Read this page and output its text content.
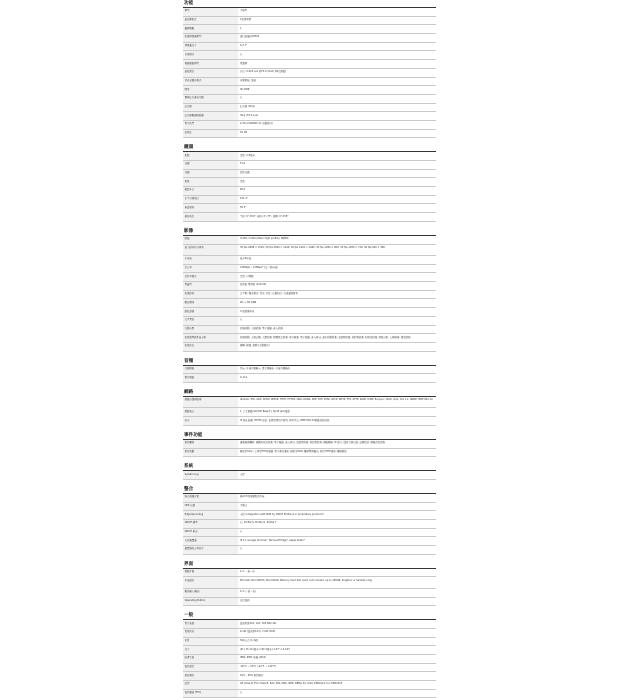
功能
類型	半球型
最高解析度	4百萬畫素
攝像機數	1
影像傳感器類型	逐行掃描的CMOS
傳感器尺寸	1/2.7"
日夜模式	有
視頻壓縮類型	電腦類
最低照度	彩色: 0.018 Lux @F2.0 (ICut) (IR已開啟)
背光光圈自模式	自動增益, 低雜
降噪	3D DNR
機械紅外濾光切換	有
紅外線	紅外線 (30米)
紅外線範圍與距離	30米 (F2.0 Lux)
電子快門	1/30-1/100000 秒 (自動模式)
信噪比	52 dB
鏡頭
焦距	定焦, 2.8毫米
光圈	F1.6
光圈	固定光圈
焦點	定焦
鏡頭卡口	M12
水平可視角度	101.2°
垂直視角	55.3°
傾斜角度	平移: 0°-350°, 傾斜: 0°-75°, 旋轉: 0°-355°
影像
壓縮	H.265, H.264 (Main/ High profile), MJPEG
最大幀率和分辨率	30 fps 2688 × 1520; 30 fps 2560 × 1440; 30 fps 1920 × 1080; 30 fps 1280 × 960; 30 fps 1280 × 720; 30 fps 640 × 480
多串流	最多6串流
位元率	128Kbps - 12Mbps* (每一個串流)
比特率模式	常量, 可變動
電磁型	低質格 電傳格 (100-50)
影像控制	白平衡, 曝光模式, 亮度, 對比, 色飽和度, 去霧邊緣銳利
數位降噪	2D + 3D DNR
隱私遮擋	4 個遮擋區域
文字疊加	有
行動告警	偵測移動, 人臉偵測, 電子圍籬, 進入偵測
影像管理與系統分析	偵測移動, 人臉計數, 人體偵測, 物體訊息偵測, 噪音檢測, 電子圍籬, 進入區域, 溫水移動偵測, 遺留物偵測, 移除物偵測, 時間表偵測, 熱點分析, 人群檢測, 滯留偵測
影像定位	翻轉, 鏡像, 旋轉 (走廊模式)
音頻
音頻壓縮	單向, 外接音頻輸入, 麥克風輸出, 外接音頻輸出
聲音壓縮	G.711
網路
網路協議與服務	IPv4/v6, TCP, UDP, DHCP, PPPoE, HTTP, HTTPS, DNS, DDNS, NTP, RTP, RTSP, RTCP, SMTP, FTP, SFTP, IGMP, ICMP, Bonjour, UPnP, QoS, TLS 1.2, SNMP, IEEE 802.1X
網路端口	1, 乙太網路(10/100 Base-T), RJ-45 jack接頭
安全	IP 地址過濾, HTTPS 加密, 密碼保護用戶級別, 匿名登入, IEEE 802.1X網路存取控制
事件功能
事件觸發	運動檢測觸發, 運動區域的偵測, 電子圍籬, 進入區域, 遺留物偵測, 移除物偵測, 網路斷線, IP 衝突, 儲存空間已滿, 記錄錯誤, 網路存取偵測
事件回應	錄影至SD卡, 上傳至FTP伺服器, 電子郵件通知, 錄影至NVR, 觸發警報輸出, 發送HTTP通知, 觸發錄影
系統
System Log	支援
整合
整合視頻方案	與ACTi的視頻監控系統
OPS 協議	不整合
Edge Recording	支援 (integration with NVR by ONVIF Profile G or proprietary protocol)*
ONVIF 標準	有, Profile S, Profile G, Profile T
ONVIF 相容	有
支援瀏覽器	IE 11, Google Chrome*, Microsoft Edge*, Apple Safari*
瀏覽器和上傳影片	有
界面
聲頻介面	1/1, 一進一出
本地儲存	MicroSD, MicroSDHC, MicroSDXC Memory Card Slot (card not included, up to 256GB, Kingston or Sandisk only)
數位輸入/輸出	1/1 (一進一出)
Operating Button	重設按鈕
一般
電力來源	直流電源12V, 12V, PoE 802.3af
電源消耗	6.1W (直流電12V), 7.0W (PoE)
重量	544公克 (1.2磅)
尺寸	(Ø x H) 111毫米 x 82.4毫米 (4.37" x 3.24")
防護等級	IP66, IP68, 防暴 (IK10)
操作溫度	-30°C ~ 60°C (-22°F ~ 140°F)
操作濕度	10% - 90% 相對濕度
認證	CE Class B, FCC Class B, EAC, BIS, IP66, IP68, NEMA 4X, IK10, EN50121-3-2, EN50155
操作頻道 (FFC)	有
